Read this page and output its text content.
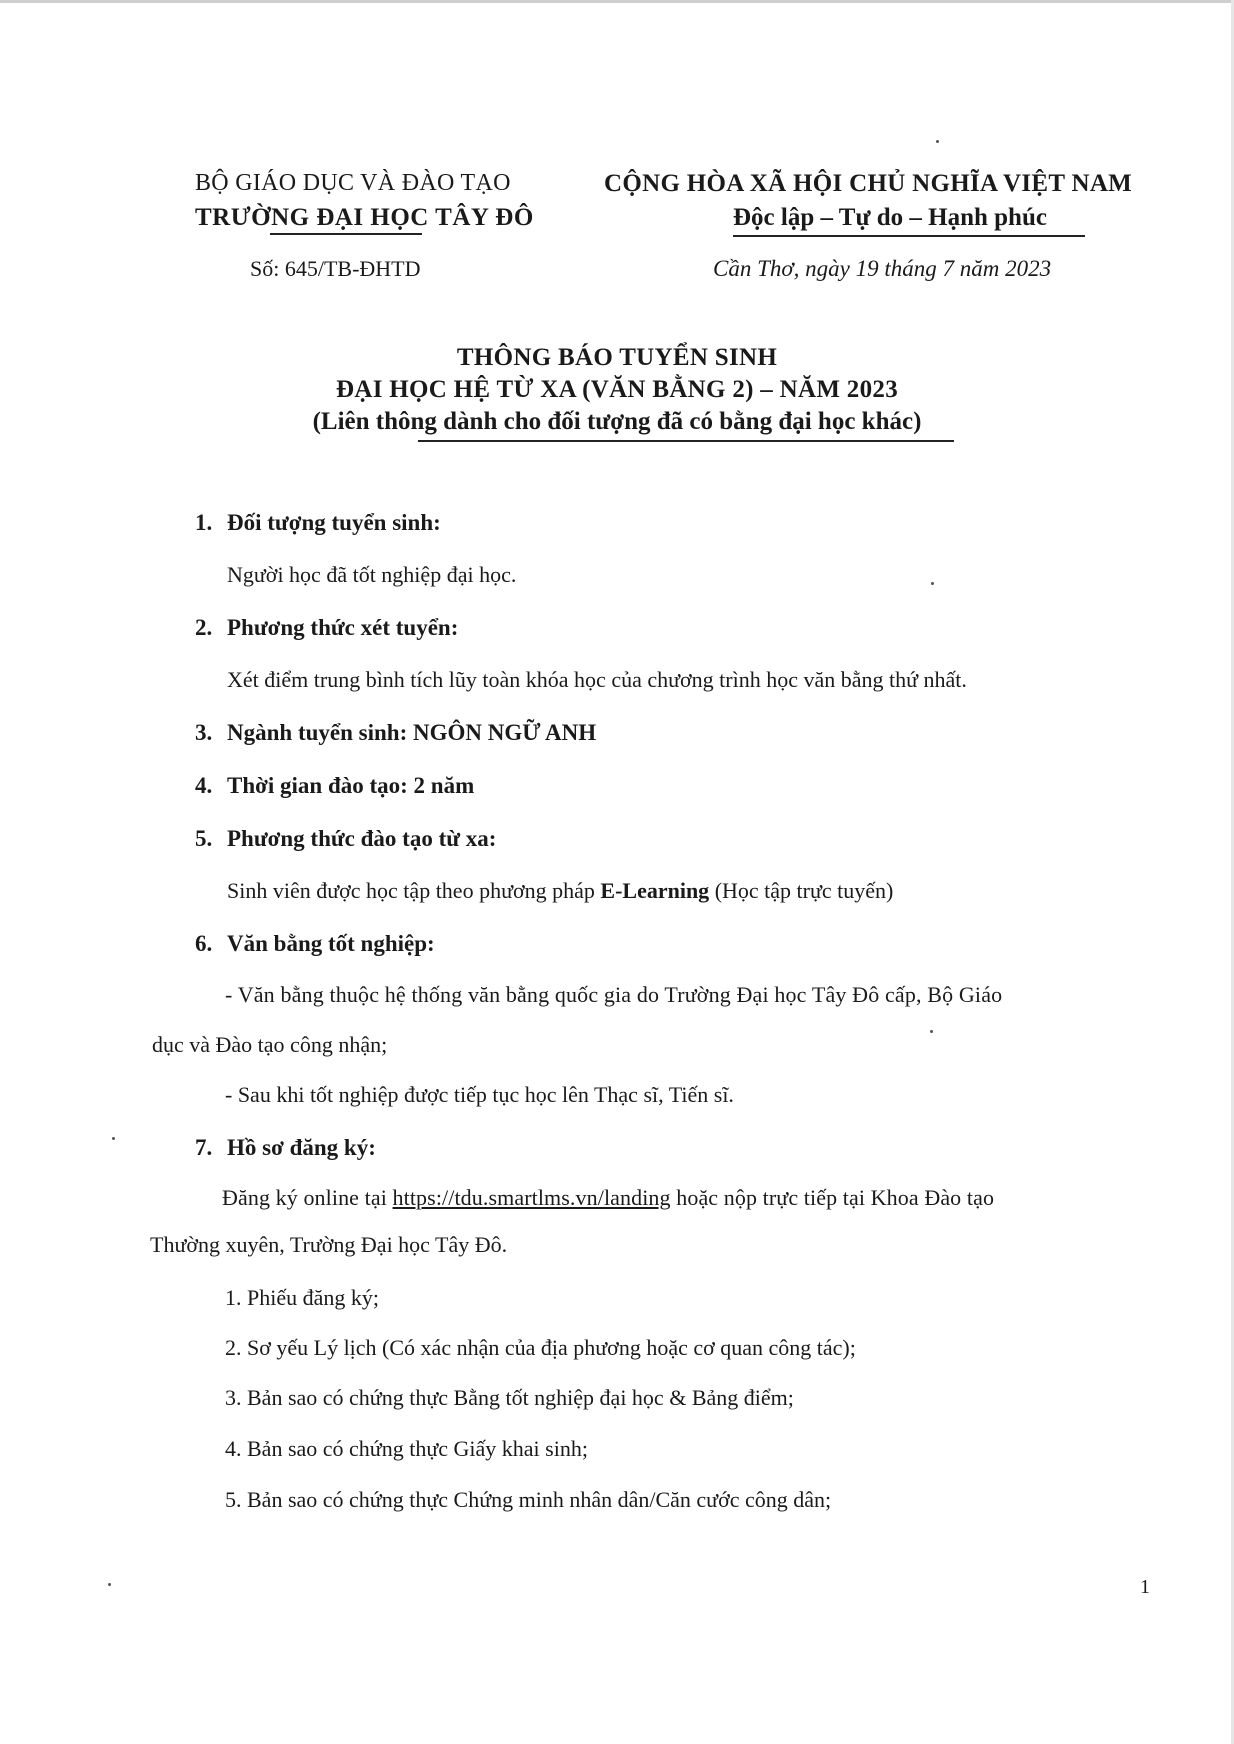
BỘ GIÁO DỤC VÀ ĐÀO TẠO
TRƯỜNG ĐẠI HỌC TÂY ĐÔ
Số: 645/TB-ĐHTD
CỘNG HÒA XÃ HỘI CHỦ NGHĨA VIỆT NAM
Độc lập – Tự do – Hạnh phúc
Cần Thơ, ngày 19 tháng 7 năm 2023
THÔNG BÁO TUYỂN SINH
ĐẠI HỌC HỆ TỪ XA (VĂN BẰNG 2) – NĂM 2023
(Liên thông dành cho đối tượng đã có bằng đại học khác)
1. Đối tượng tuyển sinh:
Người học đã tốt nghiệp đại học.
2. Phương thức xét tuyển:
Xét điểm trung bình tích lũy toàn khóa học của chương trình học văn bằng thứ nhất.
3. Ngành tuyển sinh: NGÔN NGỮ ANH
4. Thời gian đào tạo: 2 năm
5. Phương thức đào tạo từ xa:
Sinh viên được học tập theo phương pháp E-Learning (Học tập trực tuyến)
6. Văn bằng tốt nghiệp:
- Văn bằng thuộc hệ thống văn bằng quốc gia do Trường Đại học Tây Đô cấp, Bộ Giáo
dục và Đào tạo công nhận;
- Sau khi tốt nghiệp được tiếp tục học lên Thạc sĩ, Tiến sĩ.
7. Hồ sơ đăng ký:
Đăng ký online tại https://tdu.smartlms.vn/landing hoặc nộp trực tiếp tại Khoa Đào tạo
Thường xuyên, Trường Đại học Tây Đô.
1. Phiếu đăng ký;
2. Sơ yếu Lý lịch (Có xác nhận của địa phương hoặc cơ quan công tác);
3. Bản sao có chứng thực Bằng tốt nghiệp đại học & Bảng điểm;
4. Bản sao có chứng thực Giấy khai sinh;
5. Bản sao có chứng thực Chứng minh nhân dân/Căn cước công dân;
1
